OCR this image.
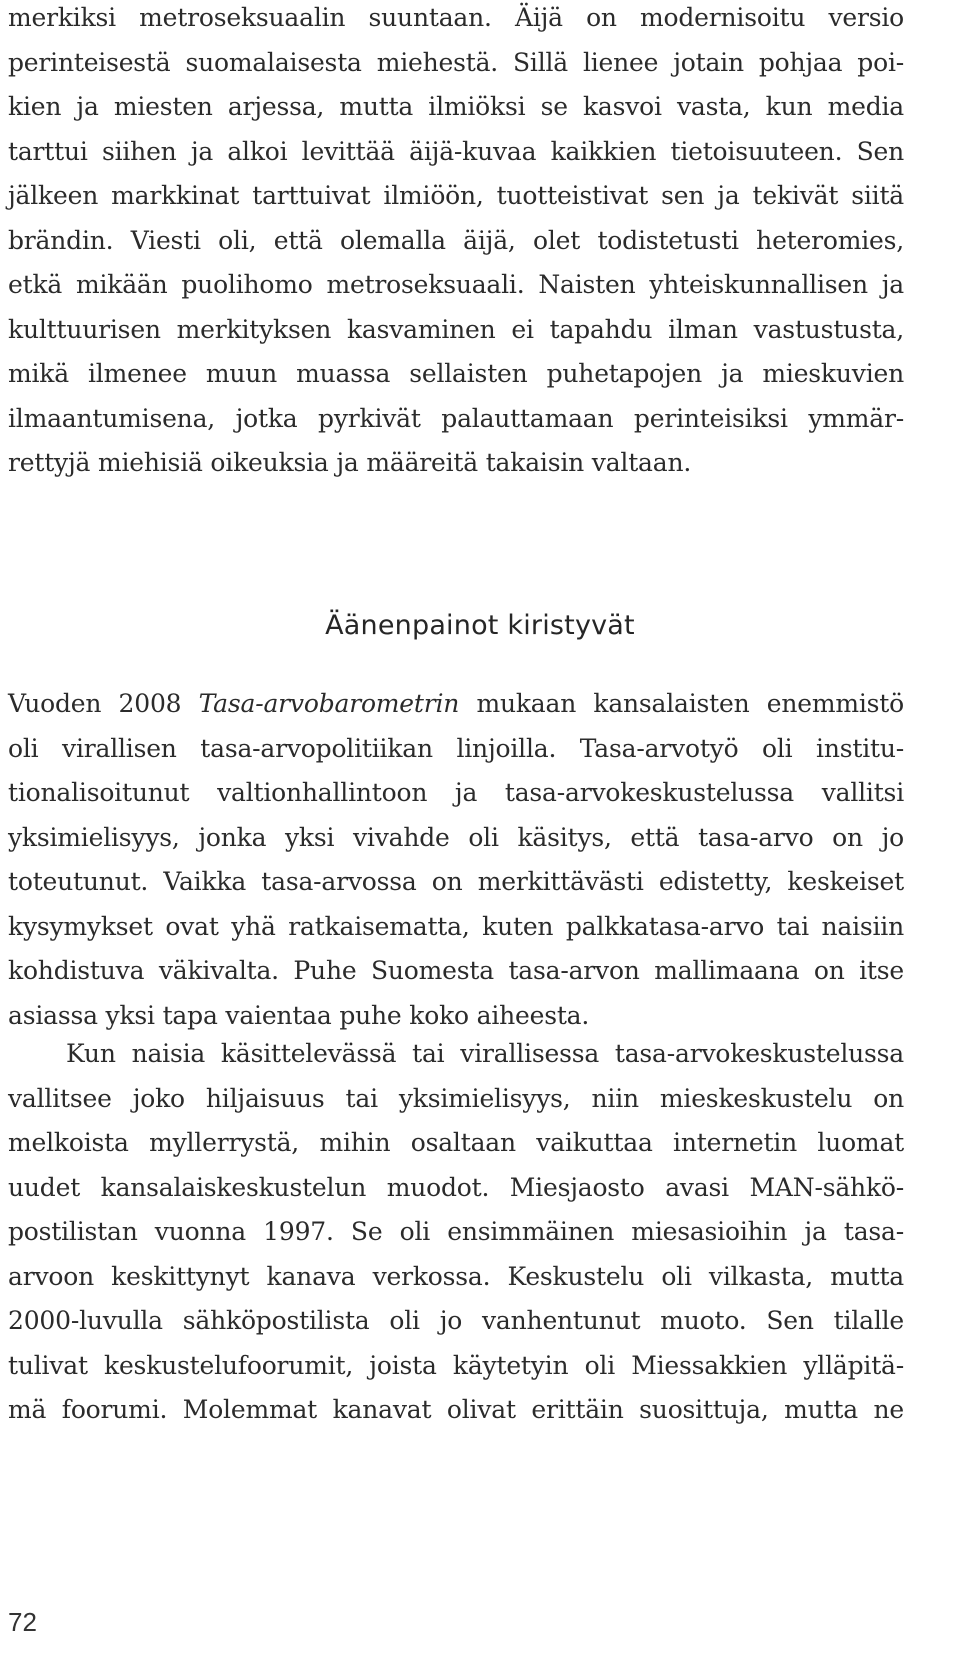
merkiksi metroseksuaalin suuntaan. Äijä on modernisoitu versio
perinteisestä suomalaisesta miehestä. Sillä lienee jotain pohjaa poi-
kien ja miesten arjessa, mutta ilmiöksi se kasvoi vasta, kun media
tarttui siihen ja alkoi levittää äijä-kuvaa kaikkien tietoisuuteen. Sen
jälkeen markkinat tarttuivat ilmiöön, tuotteistivat sen ja tekivät siitä
brändin. Viesti oli, että olemalla äijä, olet todistetusti heteromies,
etkä mikään puolihomo metroseksuaali. Naisten yhteiskunnallisen ja
kulttuurisen merkityksen kasvaminen ei tapahdu ilman vastustusta,
mikä ilmenee muun muassa sellaisten puhetapojen ja mieskuvien
ilmaantumisena, jotka pyrkivät palauttamaan perinteisiksi ymmär-
rettyjä miehisiä oikeuksia ja määreitä takaisin valtaan.
Äänenpainot kiristyvät
Vuoden 2008 Tasa-arvobarometrin mukaan kansalaisten enemmistö
oli virallisen tasa-arvopolitiikan linjoilla. Tasa-arvotyö oli institu-
tionalisoitunut valtionhallintoon ja tasa-arvokeskustelussa vallitsi
yksimielisyys, jonka yksi vivahde oli käsitys, että tasa-arvo on jo
toteutunut. Vaikka tasa-arvossa on merkittävästi edistetty, keskeiset
kysymykset ovat yhä ratkaisematta, kuten palkkatasa-arvo tai naisiin
kohdistuva väkivalta. Puhe Suomesta tasa-arvon mallimaana on itse
asiassa yksi tapa vaientaa puhe koko aiheesta.
Kun naisia käsittelevässä tai virallisessa tasa-arvokeskustelussa
vallitsee joko hiljaisuus tai yksimielisyys, niin mieskeskustelu on
melkoista myllerrystä, mihin osaltaan vaikuttaa internetin luomat
uudet kansalaiskeskustelun muodot. Miesjaosto avasi MAN-sähkö-
postilistan vuonna 1997. Se oli ensimmäinen miesasioihin ja tasa-
arvoon keskittynyt kanava verkossa. Keskustelu oli vilkasta, mutta
2000-luvulla sähköpostilista oli jo vanhentunut muoto. Sen tilalle
tulivat keskustelufoorumit, joista käytetyin oli Miessakkien ylläpitä-
mä foorumi. Molemmat kanavat olivat erittäin suosittuja, mutta ne
72
